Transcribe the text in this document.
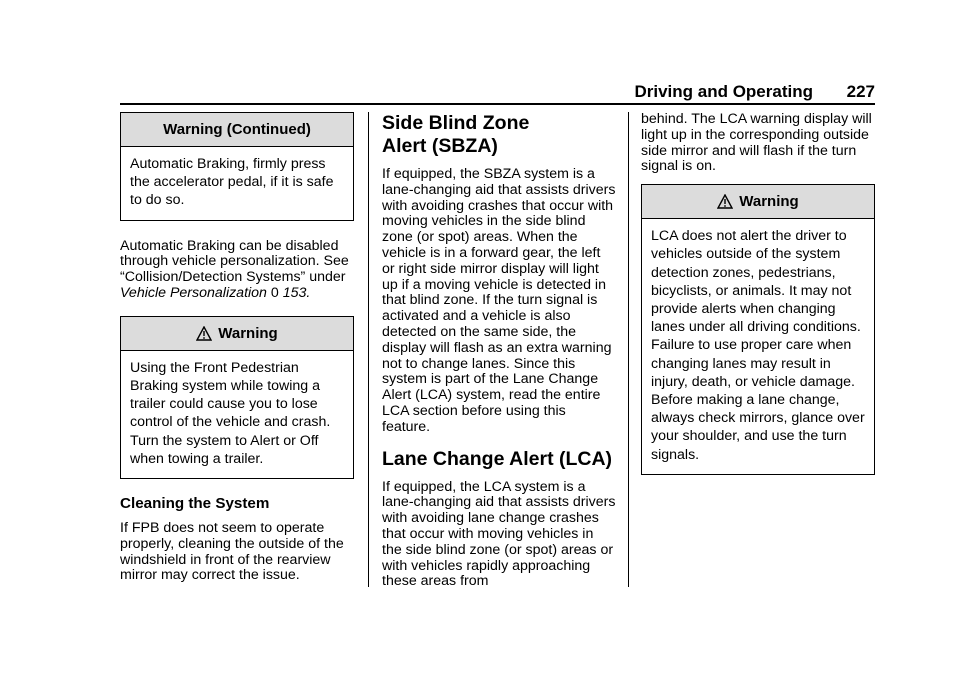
Driving and Operating 227
Warning (Continued)
Automatic Braking, firmly press the accelerator pedal, if it is safe to do so.

Automatic Braking can be disabled through vehicle personalization. See “Collision/Detection Systems” under Vehicle Personalization 0 153.

Warning
Using the Front Pedestrian Braking system while towing a trailer could cause you to lose control of the vehicle and crash. Turn the system to Alert or Off when towing a trailer.
Cleaning the System

If FPB does not seem to operate properly, cleaning the outside of the windshield in front of the rearview mirror may correct the issue.

Side Blind Zone
Alert (SBZA)

If equipped, the SBZA system is a lane-changing aid that assists drivers with avoiding crashes that occur with moving vehicles in the side blind zone (or spot) areas. When the vehicle is in a forward gear, the left or right side mirror display will light up if a moving vehicle is detected in that blind zone. If the turn signal is activated and a vehicle is also detected on the same side, the display will flash as an extra warning not to change lanes. Since this system is part of the Lane Change Alert (LCA) system, read the entire LCA section before using this feature.

Lane Change Alert (LCA)

If equipped, the LCA system is a lane-changing aid that assists drivers with avoiding lane change crashes that occur with moving vehicles in the side blind zone (or spot) areas or with vehicles rapidly approaching these areas from

behind. The LCA warning display will light up in the corresponding outside side mirror and will flash if the turn signal is on.

Warning
LCA does not alert the driver to vehicles outside of the system detection zones, pedestrians, bicyclists, or animals. It may not provide alerts when changing lanes under all driving conditions. Failure to use proper care when changing lanes may result in injury, death, or vehicle damage. Before making a lane change, always check mirrors, glance over your shoulder, and use the turn signals.
